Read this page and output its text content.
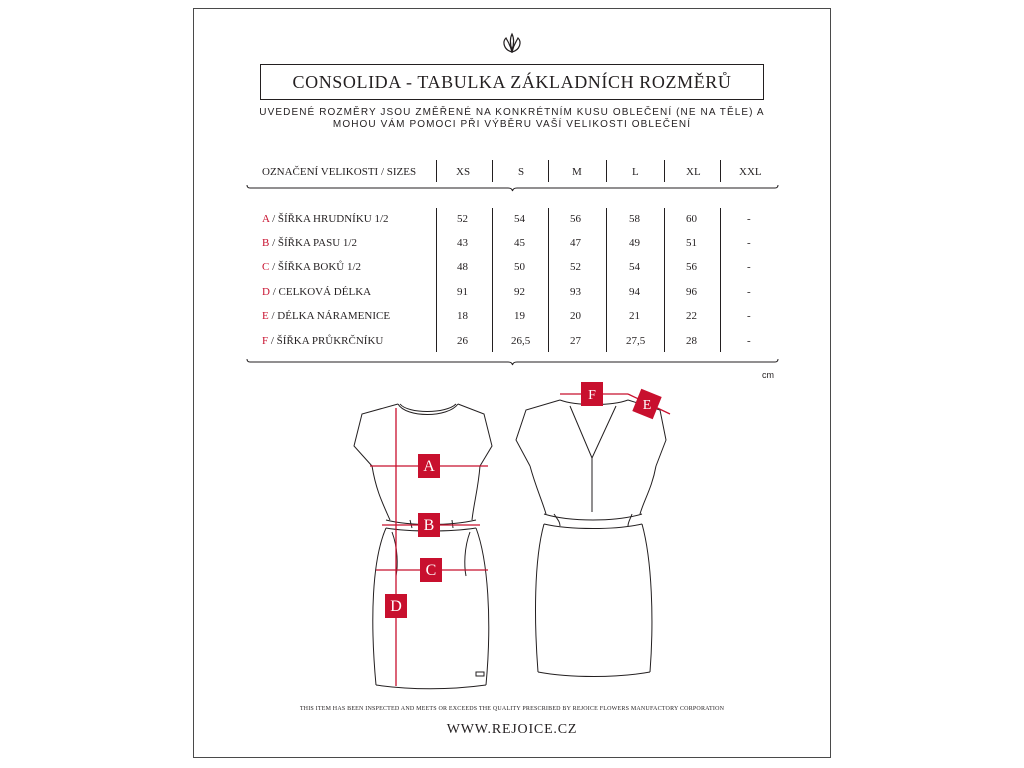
CONSOLIDA - TABULKA ZÁKLADNÍCH ROZMĚRŮ
UVEDENÉ ROZMĚRY JSOU ZMĚŘENÉ NA KONKRÉTNÍM KUSU OBLEČENÍ (NE NA TĚLE) A MOHOU VÁM POMOCI PŘI VÝBĚRU VAŠÍ VELIKOSTI OBLEČENÍ
OZNAČENÍ VELIKOSTI / SIZES	XS	S	M	L	XL	XXL
A / ŠÍŘKA HRUDNÍKU 1/2	52	54	56	58	60	-
B / ŠÍŘKA PASU 1/2	43	45	47	49	51	-
C / ŠÍŘKA BOKŮ 1/2	48	50	52	54	56	-
D / CELKOVÁ DÉLKA	91	92	93	94	96	-
E / DÉLKA NÁRAMENICE	18	19	20	21	22	-
F / ŠÍŘKA PRŮKRČNÍKU	26	26,5	27	27,5	28	-
cm
A
B
C
D
E
F
THIS ITEM HAS BEEN INSPECTED AND MEETS OR EXCEEDS THE QUALITY PRESCRIBED BY REJOICE FLOWERS MANUFACTORY CORPORATION
WWW.REJOICE.CZ
